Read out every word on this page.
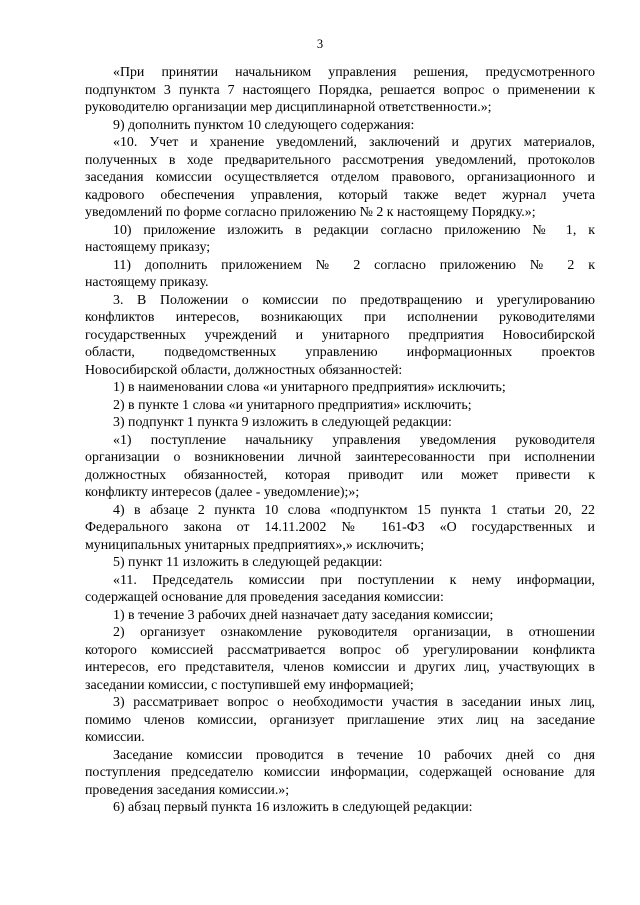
3
«При принятии начальником управления решения, предусмотренного
подпунктом 3 пункта 7 настоящего Порядка, решается вопрос о применении к
руководителю организации мер дисциплинарной ответственности.»;
9) дополнить пунктом 10 следующего содержания:
«10. Учет и хранение уведомлений, заключений и других материалов,
полученных в ходе предварительного рассмотрения уведомлений, протоколов
заседания комиссии осуществляется отделом правового, организационного и
кадрового обеспечения управления, который также ведет журнал учета
уведомлений по форме согласно приложению № 2 к настоящему Порядку.»;
10) приложение изложить в редакции согласно приложению № 1, к
настоящему приказу;
11) дополнить приложением № 2 согласно приложению № 2 к
настоящему приказу.
3. В Положении о комиссии по предотвращению и урегулированию
конфликтов интересов, возникающих при исполнении руководителями
государственных учреждений и унитарного предприятия Новосибирской
области, подведомственных управлению информационных проектов
Новосибирской области, должностных обязанностей:
1) в наименовании слова «и унитарного предприятия» исключить;
2) в пункте 1 слова «и унитарного предприятия» исключить;
3) подпункт 1 пункта 9 изложить в следующей редакции:
«1) поступление начальнику управления уведомления руководителя
организации о возникновении личной заинтересованности при исполнении
должностных обязанностей, которая приводит или может привести к
конфликту интересов (далее - уведомление);»;
4) в абзаце 2 пункта 10 слова «подпунктом 15 пункта 1 статьи 20, 22
Федерального закона от 14.11.2002 № 161-ФЗ «О государственных и
муниципальных унитарных предприятиях»,» исключить;
5) пункт 11 изложить в следующей редакции:
«11. Председатель комиссии при поступлении к нему информации,
содержащей основание для проведения заседания комиссии:
1) в течение 3 рабочих дней назначает дату заседания комиссии;
2) организует ознакомление руководителя организации, в отношении
которого комиссией рассматривается вопрос об урегулировании конфликта
интересов, его представителя, членов комиссии и других лиц, участвующих в
заседании комиссии, с поступившей ему информацией;
3) рассматривает вопрос о необходимости участия в заседании иных лиц,
помимо членов комиссии, организует приглашение этих лиц на заседание
комиссии.
Заседание комиссии проводится в течение 10 рабочих дней со дня
поступления председателю комиссии информации, содержащей основание для
проведения заседания комиссии.»;
6) абзац первый пункта 16 изложить в следующей редакции:
